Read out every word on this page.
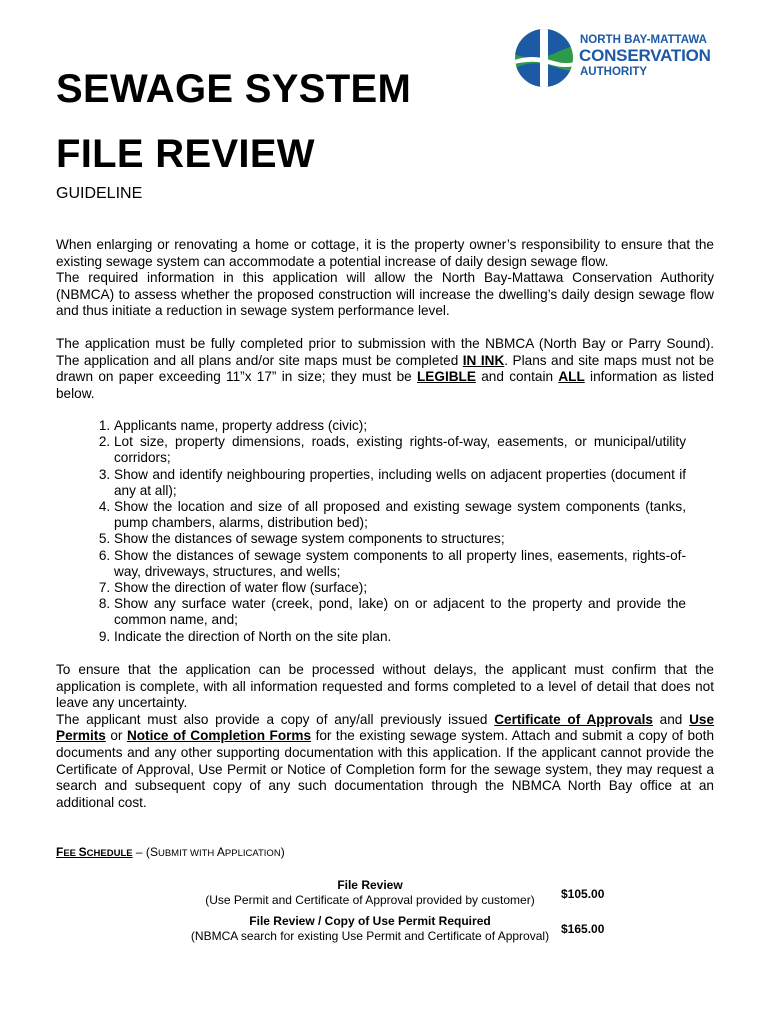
SEWAGE SYSTEM
FILE REVIEW
GUIDELINE
NORTH BAY-MATTAWA
CONSERVATION
AUTHORITY

When enlarging or renovating a home or cottage, it is the property owner’s responsibility to ensure that the existing sewage system can accommodate a potential increase of daily design sewage flow.

The required information in this application will allow the North Bay-Mattawa Conservation Authority (NBMCA) to assess whether the proposed construction will increase the dwelling’s daily design sewage flow and thus initiate a reduction in sewage system performance level.

The application must be fully completed prior to submission with the NBMCA (North Bay or Parry Sound). The application and all plans and/or site maps must be completed IN INK. Plans and site maps must not be drawn on paper exceeding 11”x 17” in size; they must be LEGIBLE and contain ALL information as listed below.

1. Applicants name, property address (civic);
2. Lot size, property dimensions, roads, existing rights-of-way, easements, or municipal/utility corridors;
3. Show and identify neighbouring properties, including wells on adjacent properties (document if any at all);
4. Show the location and size of all proposed and existing sewage system components (tanks, pump chambers, alarms, distribution bed);
5. Show the distances of sewage system components to structures;
6. Show the distances of sewage system components to all property lines, easements, rights-of-way, driveways, structures, and wells;
7. Show the direction of water flow (surface);
8. Show any surface water (creek, pond, lake) on or adjacent to the property and provide the common name, and;
9. Indicate the direction of North on the site plan.

To ensure that the application can be processed without delays, the applicant must confirm that the application is complete, with all information requested and forms completed to a level of detail that does not leave any uncertainty.

The applicant must also provide a copy of any/all previously issued Certificate of Approvals and Use Permits or Notice of Completion Forms for the existing sewage system. Attach and submit a copy of both documents and any other supporting documentation with this application. If the applicant cannot provide the Certificate of Approval, Use Permit or Notice of Completion form for the sewage system, they may request a search and subsequent copy of any such documentation through the NBMCA North Bay office at an additional cost.

FEE SCHEDULE – (SUBMIT WITH APPLICATION)
File Review
(Use Permit and Certificate of Approval provided by customer)	$105.00
File Review / Copy of Use Permit Required
(NBMCA search for existing Use Permit and Certificate of Approval) $165.00
